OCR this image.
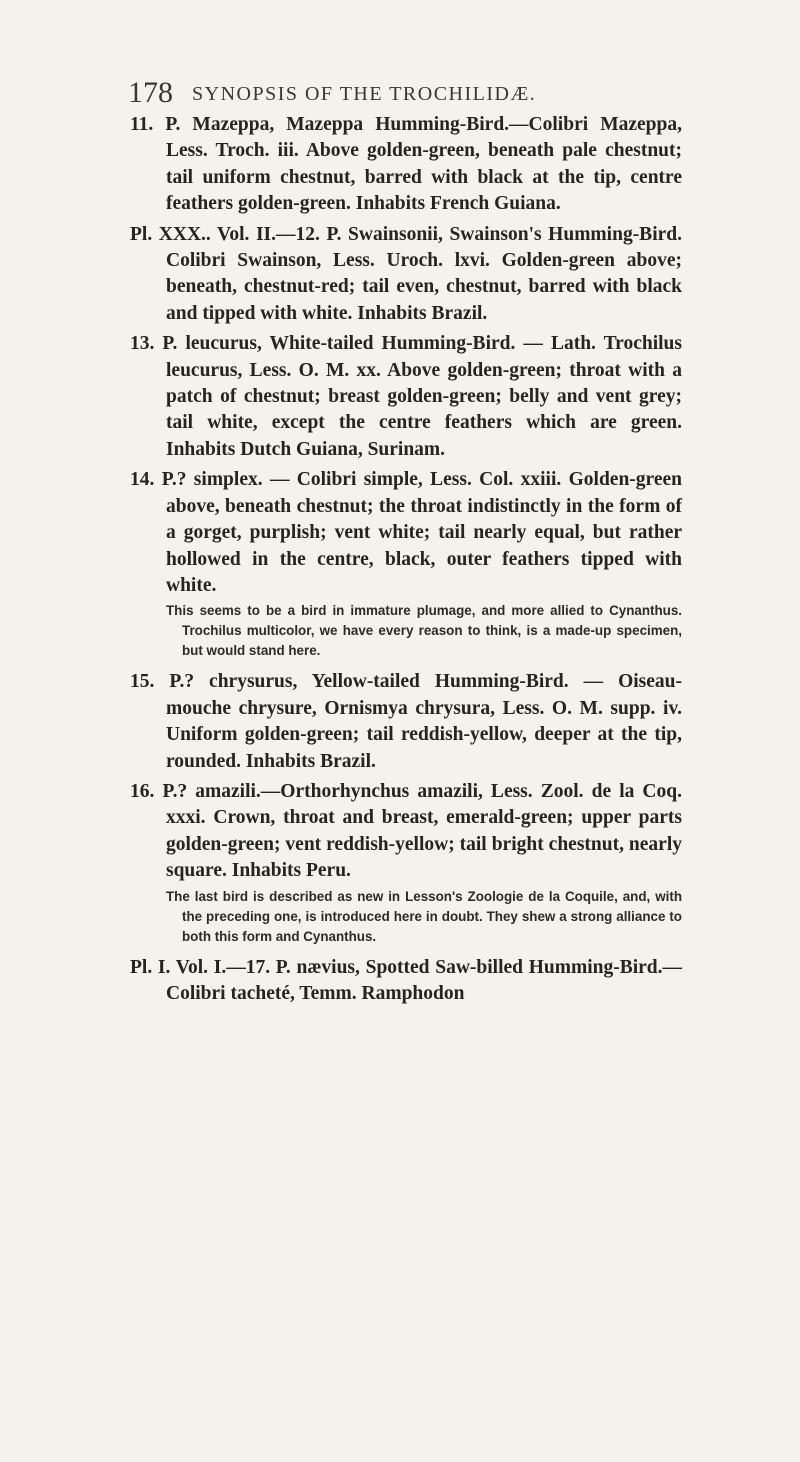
178 SYNOPSIS OF THE TROCHILIDÆ.

11. P. Mazeppa, Mazeppa Humming-Bird.—Colibri Mazeppa, Less. Troch. iii. Above golden-green, beneath pale chestnut; tail uniform chestnut, barred with black at the tip, centre feathers golden-green. Inhabits French Guiana.

Pl. XXX.. Vol. II.—12. P. Swainsonii, Swainson's Humming-Bird. Colibri Swainson, Less. Uroch. lxvi. Golden-green above; beneath, chestnut-red; tail even, chestnut, barred with black and tipped with white. Inhabits Brazil.

13. P. leucurus, White-tailed Humming-Bird. — Lath. Trochilus leucurus, Less. O. M. xx. Above golden-green; throat with a patch of chestnut; breast golden-green; belly and vent grey; tail white, except the centre feathers which are green. Inhabits Dutch Guiana, Surinam.

14. P.? simplex. — Colibri simple, Less. Col. xxiii. Golden-green above, beneath chestnut; the throat indistinctly in the form of a gorget, purplish; vent white; tail nearly equal, but rather hollowed in the centre, black, outer feathers tipped with white.

This seems to be a bird in immature plumage, and more allied to Cynanthus. Trochilus multicolor, we have every reason to think, is a made-up specimen, but would stand here.

15. P.? chrysurus, Yellow-tailed Humming-Bird. — Oiseau-mouche chrysure, Ornismya chrysura, Less. O. M. supp. iv. Uniform golden-green; tail reddish-yellow, deeper at the tip, rounded. Inhabits Brazil.

16. P.? amazili.—Orthorhynchus amazili, Less. Zool. de la Coq. xxxi. Crown, throat and breast, emerald-green; upper parts golden-green; vent reddish-yellow; tail bright chestnut, nearly square. Inhabits Peru.

The last bird is described as new in Lesson's Zoologie de la Coquile, and, with the preceding one, is introduced here in doubt. They shew a strong alliance to both this form and Cynanthus.

Pl. I. Vol. I.—17. P. nævius, Spotted Saw-billed Humming-Bird.—Colibri tacheté, Temm. Ramphodon
